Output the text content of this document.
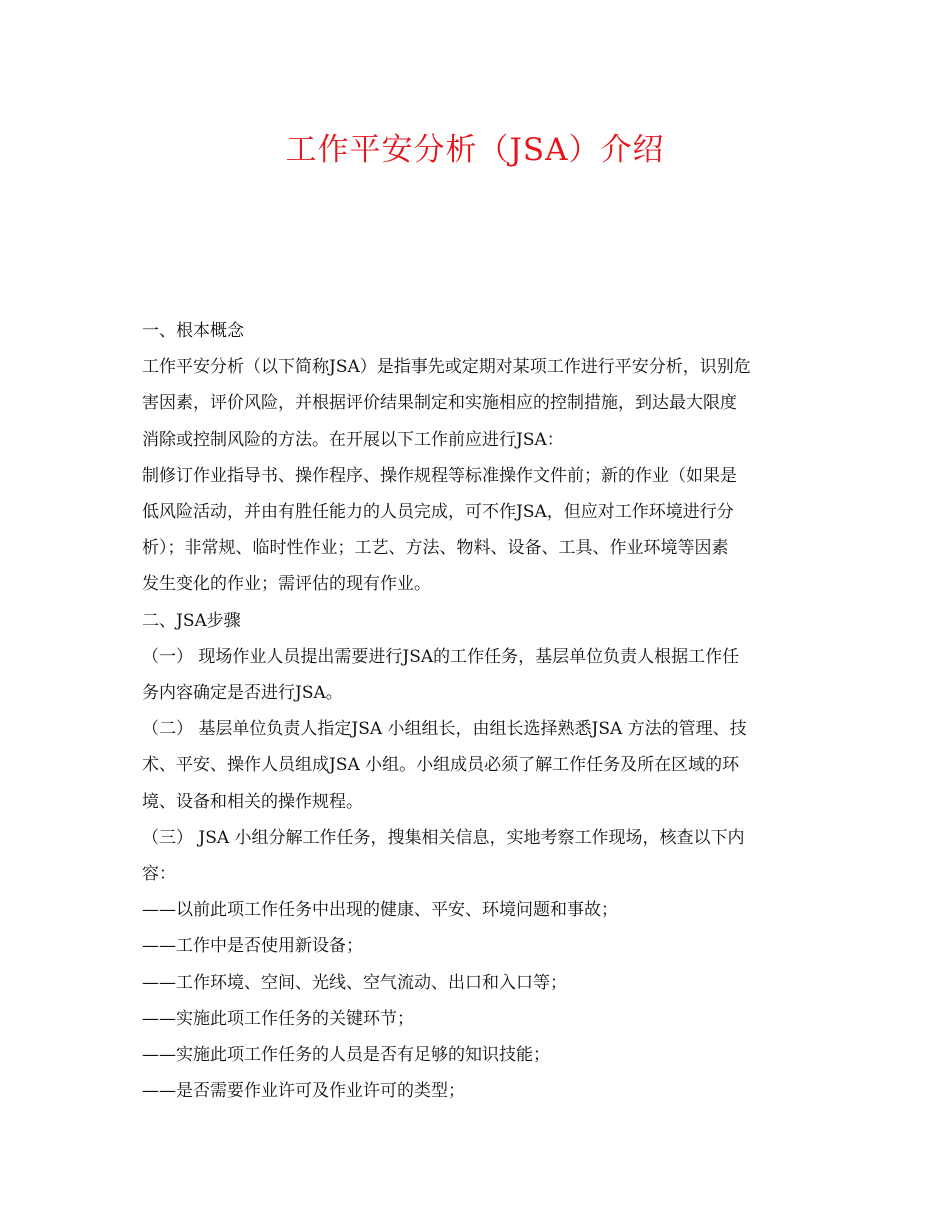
工作平安分析（JSA）介绍

一、根本概念

工作平安分析（以下简称JSA）是指事先或定期对某项工作进行平安分析，识别危

害因素，评价风险，并根据评价结果制定和实施相应的控制措施，到达最大限度

消除或控制风险的方法。在开展以下工作前应进行JSA：

制修订作业指导书、操作程序、操作规程等标准操作文件前；新的作业（如果是

低风险活动，并由有胜任能力的人员完成，可不作JSA，但应对工作环境进行分

析）；非常规、临时性作业；工艺、方法、物料、设备、工具、作业环境等因素

发生变化的作业；需评估的现有作业。

二、JSA步骤

（一） 现场作业人员提出需要进行JSA的工作任务，基层单位负责人根据工作任

务内容确定是否进行JSA。

（二） 基层单位负责人指定JSA 小组组长，由组长选择熟悉JSA 方法的管理、技

术、平安、操作人员组成JSA 小组。小组成员必须了解工作任务及所在区域的环

境、设备和相关的操作规程。

（三） JSA 小组分解工作任务，搜集相关信息，实地考察工作现场，核查以下内

容：

——以前此项工作任务中出现的健康、平安、环境问题和事故；

——工作中是否使用新设备；

——工作环境、空间、光线、空气流动、出口和入口等；

——实施此项工作任务的关键环节；

——实施此项工作任务的人员是否有足够的知识技能；

——是否需要作业许可及作业许可的类型；
